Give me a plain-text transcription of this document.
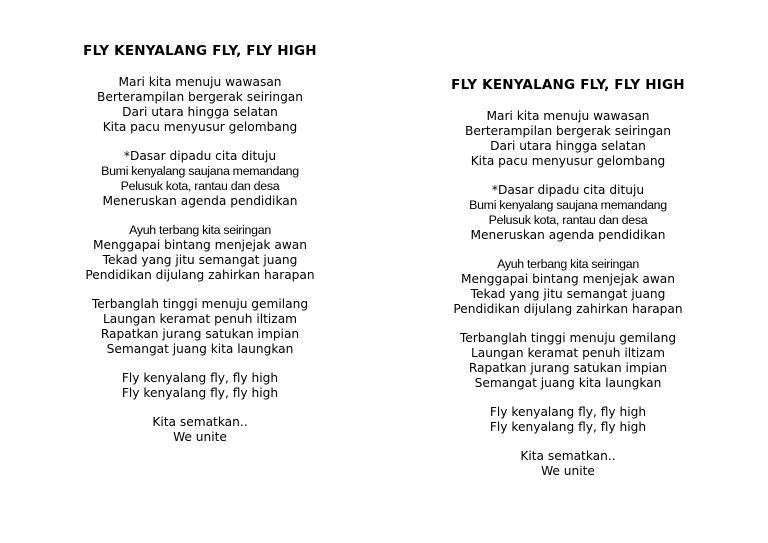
FLY KENYALANG FLY, FLY HIGH
Mari kita menuju wawasan
Berterampilan bergerak seiringan
Dari utara hingga selatan
Kita pacu menyusur gelombang
*Dasar dipadu cita dituju
Bumi kenyalang saujana memandang
Pelusuk kota, rantau dan desa
Meneruskan agenda pendidikan
Ayuh terbang kita seiringan
Menggapai bintang menjejak awan
Tekad yang jitu semangat juang
Pendidikan dijulang zahirkan harapan
Terbanglah tinggi menuju gemilang
Laungan keramat penuh iltizam
Rapatkan jurang satukan impian
Semangat juang kita laungkan
Fly kenyalang fly, fly high
Fly kenyalang fly, fly high
Kita sematkan..
We unite
FLY KENYALANG FLY, FLY HIGH
Mari kita menuju wawasan
Berterampilan bergerak seiringan
Dari utara hingga selatan
Kita pacu menyusur gelombang
*Dasar dipadu cita dituju
Bumi kenyalang saujana memandang
Pelusuk kota, rantau dan desa
Meneruskan agenda pendidikan
Ayuh terbang kita seiringan
Menggapai bintang menjejak awan
Tekad yang jitu semangat juang
Pendidikan dijulang zahirkan harapan
Terbanglah tinggi menuju gemilang
Laungan keramat penuh iltizam
Rapatkan jurang satukan impian
Semangat juang kita laungkan
Fly kenyalang fly, fly high
Fly kenyalang fly, fly high
Kita sematkan..
We unite
